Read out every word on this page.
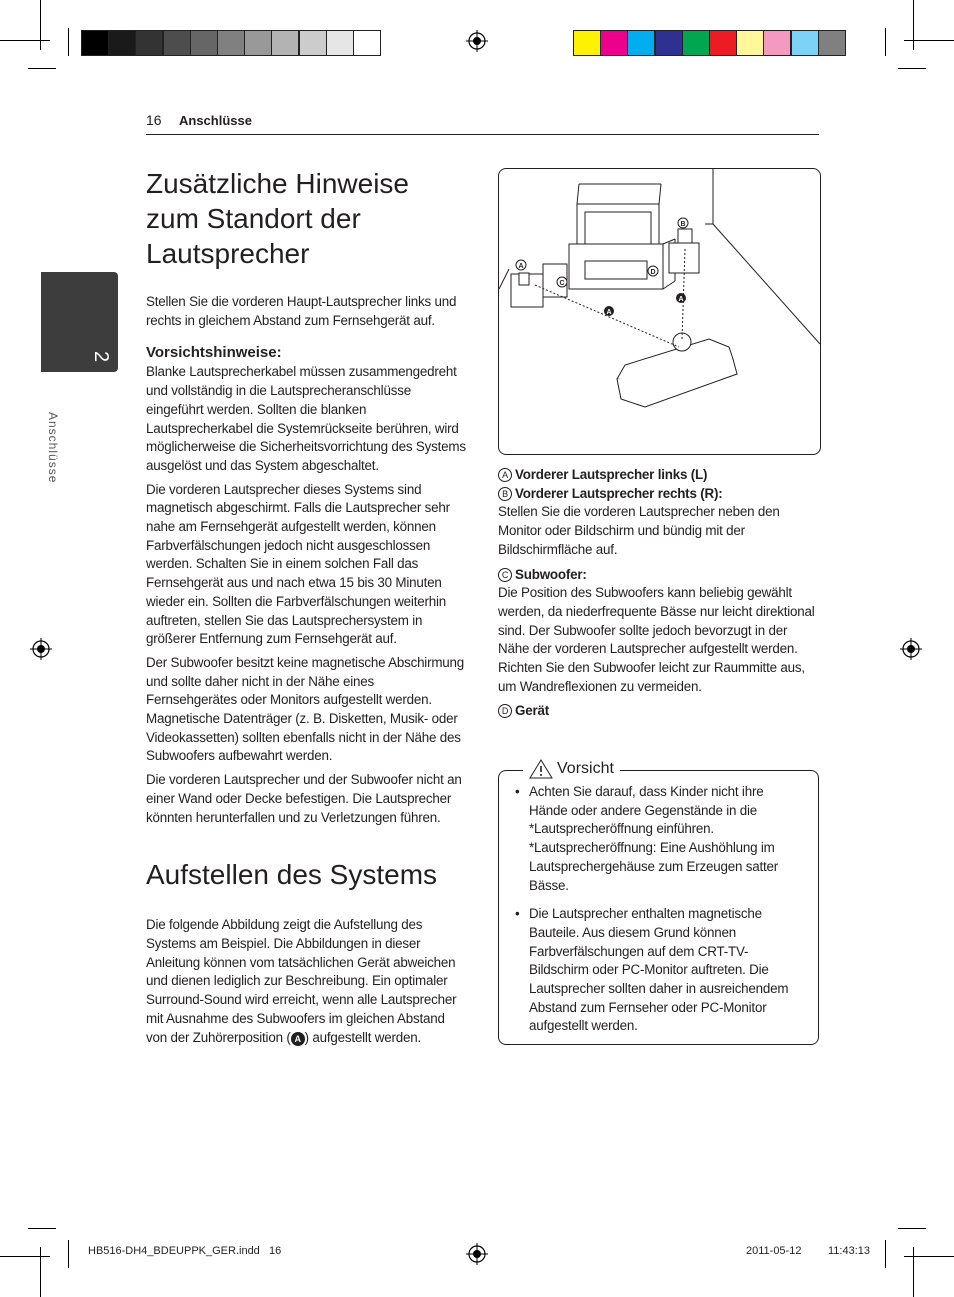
16 Anschlüsse
2
Anschlüsse
Zusätzliche Hinweise zum Standort der Lautsprecher

Stellen Sie die vorderen Haupt-Lautsprecher links und rechts in gleichem Abstand zum Fernsehgerät auf.

Vorsichtshinweise:

Blanke Lautsprecherkabel müssen zusammengedreht und vollständig in die Lautsprecheranschlüsse eingeführt werden. Sollten die blanken Lautsprecherkabel die Systemrückseite berühren, wird möglicherweise die Sicherheitsvorrichtung des Systems ausgelöst und das System abgeschaltet.

Die vorderen Lautsprecher dieses Systems sind magnetisch abgeschirmt. Falls die Lautsprecher sehr nahe am Fernsehgerät aufgestellt werden, können Farbverfälschungen jedoch nicht ausgeschlossen werden. Schalten Sie in einem solchen Fall das Fernsehgerät aus und nach etwa 15 bis 30 Minuten wieder ein. Sollten die Farbverfälschungen weiterhin auftreten, stellen Sie das Lautsprechersystem in größerer Entfernung zum Fernsehgerät auf.

Der Subwoofer besitzt keine magnetische Abschirmung und sollte daher nicht in der Nähe eines Fernsehgerätes oder Monitors aufgestellt werden. Magnetische Datenträger (z. B. Disketten, Musik- oder Videokassetten) sollten ebenfalls nicht in der Nähe des Subwoofers aufbewahrt werden.

Die vorderen Lautsprecher und der Subwoofer nicht an einer Wand oder Decke befestigen. Die Lautsprecher könnten herunterfallen und zu Verletzungen führen.

Aufstellen des Systems

Die folgende Abbildung zeigt die Aufstellung des Systems am Beispiel. Die Abbildungen in dieser Anleitung können vom tatsächlichen Gerät abweichen und dienen lediglich zur Beschreibung. Ein optimaler Surround-Sound wird erreicht, wenn alle Lautsprecher mit Ausnahme des Subwoofers im gleichen Abstand von der Zuhörerposition ( A ) aufgestellt werden.

A
B
C
D
A
A
A Vorderer Lautsprecher links (L)
B Vorderer Lautsprecher rechts (R):
Stellen Sie die vorderen Lautsprecher neben den Monitor oder Bildschirm und bündig mit der Bildschirmfläche auf.
C Subwoofer:
Die Position des Subwoofers kann beliebig gewählt werden, da niederfrequente Bässe nur leicht direktional sind. Der Subwoofer sollte jedoch bevorzugt in der Nähe der vorderen Lautsprecher aufgestellt werden. Richten Sie den Subwoofer leicht zur Raummitte aus, um Wandreflexionen zu vermeiden.
D Gerät
Vorsicht
• Achten Sie darauf, dass Kinder nicht ihre Hände oder andere Gegenstände in die *Lautsprecheröffnung einführen. *Lautsprecheröffnung: Eine Aushöhlung im Lautsprechergehäuse zum Erzeugen satter Bässe.
• Die Lautsprecher enthalten magnetische Bauteile. Aus diesem Grund können Farbverfälschungen auf dem CRT-TV-Bildschirm oder PC-Monitor auftreten. Die Lautsprecher sollten daher in ausreichendem Abstand zum Fernseher oder PC-Monitor aufgestellt werden.
HB516-DH4_BDEUPPK_GER.indd   16	2011-05-12 11:43:13
